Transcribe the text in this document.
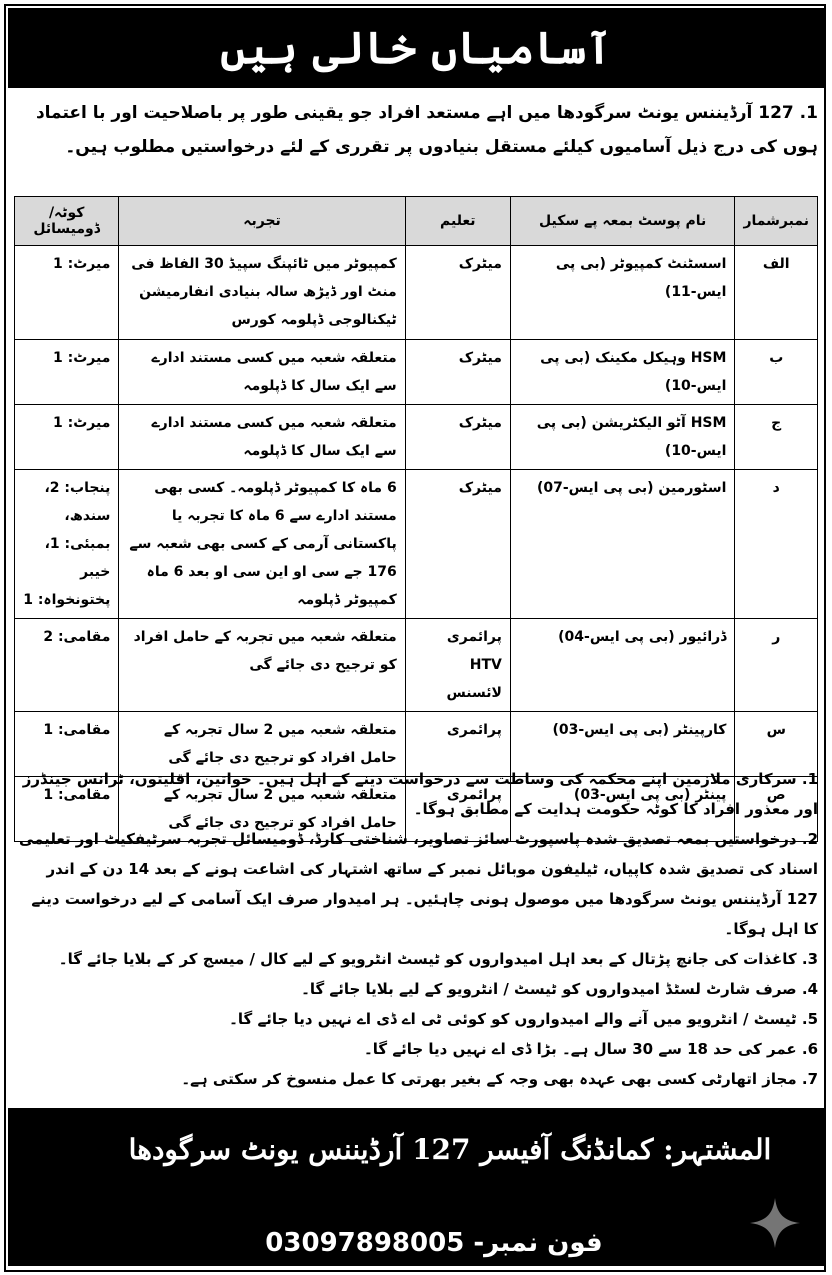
آسامیاں خالی ہیں
1. 127 آرڈیننس یونٹ سرگودھا میں اہے مستعد افراد جو یقینی طور پر باصلاحیت اور با اعتماد ہوں کی درج ذیل آسامیوں کیلئے مستقل بنیادوں پر تقرری کے لئے درخواستیں مطلوب ہیں۔
نمبرشمار	نام پوسٹ بمعہ پے سکیل	تعلیم	تجربہ	کوٹہ/ڈومیسائل
الف	اسسٹنٹ کمپیوٹر (بی پی ایس-11)	میٹرک	کمپیوٹر میں ٹائپنگ سپیڈ 30 الفاظ فی منٹ اور ڈیڑھ سالہ بنیادی انفارمیشن ٹیکنالوجی ڈپلومہ کورس	میرٹ: 1
ب	HSM وہیکل مکینک (بی پی ایس-10)	میٹرک	متعلقہ شعبہ میں کسی مستند ادارے سے ایک سال کا ڈپلومہ	میرٹ: 1
ج	HSM آٹو الیکٹریشن (بی پی ایس-10)	میٹرک	متعلقہ شعبہ میں کسی مستند ادارے سے ایک سال کا ڈپلومہ	میرٹ: 1
د	اسٹورمین (بی پی ایس-07)	میٹرک	6 ماہ کا کمپیوٹر ڈپلومہ۔ کسی بھی مستند ادارے سے 6 ماہ کا تجربہ یا پاکستانی آرمی کے کسی بھی شعبہ سے 176 جے سی او این سی او بعد 6 ماہ کمپیوٹر ڈپلومہ	پنجاب: 2، سندھ، بمبئی: 1، خیبر پختونخواہ: 1
ر	ڈرائیور (بی پی ایس-04)	پرائمری HTV لائسنس	متعلقہ شعبہ میں تجربہ کے حامل افراد کو ترجیح دی جائے گی	مقامی: 2
س	کارپینٹر (بی پی ایس-03)	پرائمری	متعلقہ شعبہ میں 2 سال تجربہ کے حامل افراد کو ترجیح دی جائے گی	مقامی: 1
ص	پینٹر (بی پی ایس-03)	پرائمری	متعلقہ شعبہ میں 2 سال تجربہ کے حامل افراد کو ترجیح دی جائے گی	مقامی: 1

1. سرکاری ملازمین اپنے محکمہ کی وساطت سے درخواست دینے کے اہل ہیں۔ خواتین، اقلیتوں، ٹرانس جینڈرز اور معذور افراد کا کوٹہ حکومت ہدایت کے مطابق ہوگا۔

2. درخواستیں بمعہ تصدیق شدہ پاسپورٹ سائز تصاویر، شناختی کارڈ، ڈومیسائل تجربہ سرٹیفکیٹ اور تعلیمی اسناد کی تصدیق شدہ کاپیاں، ٹیلیفون موبائل نمبر کے ساتھ اشتہار کی اشاعت ہونے کے بعد 14 دن کے اندر 127 آرڈیننس یونٹ سرگودھا میں موصول ہونی چاہئیں۔ ہر امیدوار صرف ایک آسامی کے لیے درخواست دینے کا اہل ہوگا۔

3. کاغذات کی جانچ پڑتال کے بعد اہل امیدواروں کو ٹیسٹ انٹرویو کے لیے کال / میسج کر کے بلایا جائے گا۔

4. صرف شارٹ لسٹڈ امیدواروں کو ٹیسٹ / انٹرویو کے لیے بلایا جائے گا۔

5. ٹیسٹ / انٹرویو میں آنے والے امیدواروں کو کوئی ٹی اے ڈی اے نہیں دیا جائے گا۔

6. عمر کی حد 18 سے 30 سال ہے۔ بڑا ڈی اے نہیں دیا جائے گا۔

7. مجاز اتھارٹی کسی بھی عہدہ بھی وجہ کے بغیر بھرتی کا عمل منسوخ کر سکتی ہے۔

المشتہر: کمانڈنگ آفیسر 127 آرڈیننس یونٹ سرگودھا
فون نمبر- 03097898005
